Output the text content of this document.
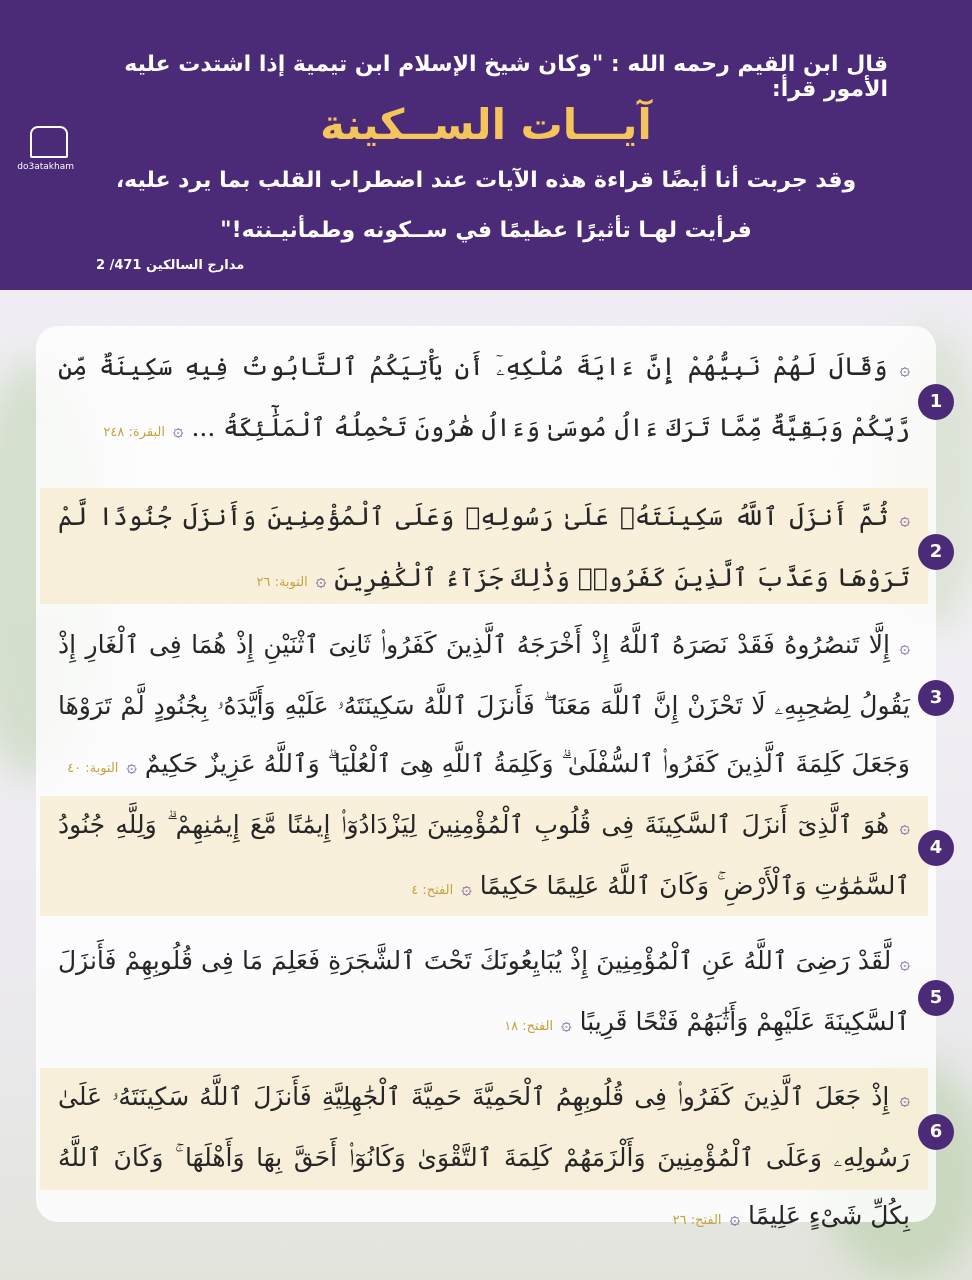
قال ابن القيم رحمه الله : "وكان شيخ الإسلام ابن تيمية إذا اشتدت عليه الأمور قرأ:

آيـــات الســكينة

وقد جربت أنا أيضًا قراءة هذه الآيات عند اضطراب القلب بما يرد عليه،

فرأيت لهـا تأثيرًا عظيمًا في ســكونه وطمأنيـنته!"

مدارج السالكين 471/ 2
do3atakham

۞ وَقَالَ لَهُمْ نَبِيُّهُمْ إِنَّ ءَايَةَ مُلْكِهِۦٓ أَن يَأْتِيَكُمُ ٱلتَّابُوتُ فِيهِ سَكِينَةٌ مِّن رَّبِّكُمْ وَبَقِيَّةٌ مِّمَّا تَرَكَ ءَالُ مُوسَىٰ وَءَالُ هَٰرُونَ تَحْمِلُهُ ٱلْمَلَٰٓئِكَةُ ... ۞البقرة: ٢٤٨

1

۞ ثُمَّ أَنزَلَ ٱللَّهُ سَكِينَتَهُۥ عَلَىٰ رَسُولِهِۦ وَعَلَى ٱلْمُؤْمِنِينَ وَأَنزَلَ جُنُودًا لَّمْ تَرَوْهَا وَعَذَّبَ ٱلَّذِينَ كَفَرُوا۟ وَذَٰلِكَ جَزَآءُ ٱلْكَٰفِرِينَ ۞التوبة: ٢٦

2

۞ إِلَّا تَنصُرُوهُ فَقَدْ نَصَرَهُ ٱللَّهُ إِذْ أَخْرَجَهُ ٱلَّذِينَ كَفَرُوا۟ ثَانِىَ ٱثْنَيْنِ إِذْ هُمَا فِى ٱلْغَارِ إِذْ يَقُولُ لِصَٰحِبِهِۦ لَا تَحْزَنْ إِنَّ ٱللَّهَ مَعَنَا ۖ فَأَنزَلَ ٱللَّهُ سَكِينَتَهُۥ عَلَيْهِ وَأَيَّدَهُۥ بِجُنُودٍ لَّمْ تَرَوْهَا وَجَعَلَ كَلِمَةَ ٱلَّذِينَ كَفَرُوا۟ ٱلسُّفْلَىٰ ۗ وَكَلِمَةُ ٱللَّهِ هِىَ ٱلْعُلْيَا ۗ وَٱللَّهُ عَزِيزٌ حَكِيمٌ ۞التوبة: ٤٠

3

۞ هُوَ ٱلَّذِىٓ أَنزَلَ ٱلسَّكِينَةَ فِى قُلُوبِ ٱلْمُؤْمِنِينَ لِيَزْدَادُوٓا۟ إِيمَٰنًا مَّعَ إِيمَٰنِهِمْ ۗ وَلِلَّهِ جُنُودُ ٱلسَّمَٰوَٰتِ وَٱلْأَرْضِ ۚ وَكَانَ ٱللَّهُ عَلِيمًا حَكِيمًا ۞الفتح: ٤

4

۞ لَّقَدْ رَضِىَ ٱللَّهُ عَنِ ٱلْمُؤْمِنِينَ إِذْ يُبَايِعُونَكَ تَحْتَ ٱلشَّجَرَةِ فَعَلِمَ مَا فِى قُلُوبِهِمْ فَأَنزَلَ ٱلسَّكِينَةَ عَلَيْهِمْ وَأَثَٰبَهُمْ فَتْحًا قَرِيبًا ۞الفتح: ١٨

5

۞ إِذْ جَعَلَ ٱلَّذِينَ كَفَرُوا۟ فِى قُلُوبِهِمُ ٱلْحَمِيَّةَ حَمِيَّةَ ٱلْجَٰهِلِيَّةِ فَأَنزَلَ ٱللَّهُ سَكِينَتَهُۥ عَلَىٰ رَسُولِهِۦ وَعَلَى ٱلْمُؤْمِنِينَ وَأَلْزَمَهُمْ كَلِمَةَ ٱلتَّقْوَىٰ وَكَانُوٓا۟ أَحَقَّ بِهَا وَأَهْلَهَا ۚ وَكَانَ ٱللَّهُ بِكُلِّ شَىْءٍ عَلِيمًا ۞الفتح: ٢٦

6
